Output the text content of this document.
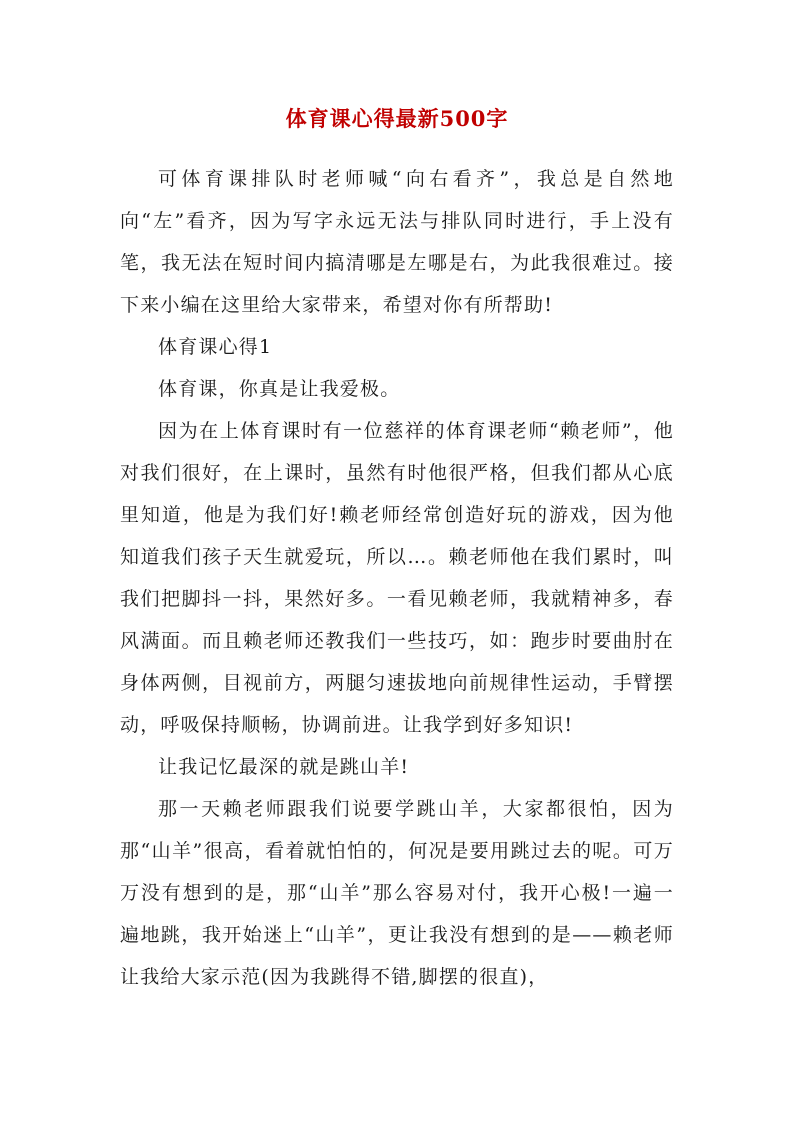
体育课心得最新500字

可体育课排队时老师喊“向右看齐”，我总是自然地向“左”看齐，因为写字永远无法与排队同时进行，手上没有笔，我无法在短时间内搞清哪是左哪是右，为此我很难过。接下来小编在这里给大家带来，希望对你有所帮助!

体育课心得1

体育课，你真是让我爱极。

因为在上体育课时有一位慈祥的体育课老师“赖老师”，他对我们很好，在上课时，虽然有时他很严格，但我们都从心底里知道，他是为我们好!赖老师经常创造好玩的游戏，因为他知道我们孩子天生就爱玩，所以…。赖老师他在我们累时，叫我们把脚抖一抖，果然好多。一看见赖老师，我就精神多，春风满面。而且赖老师还教我们一些技巧，如：跑步时要曲肘在身体两侧，目视前方，两腿匀速拔地向前规律性运动，手臂摆动，呼吸保持顺畅，协调前进。让我学到好多知识!

让我记忆最深的就是跳山羊!

那一天赖老师跟我们说要学跳山羊，大家都很怕，因为那“山羊”很高，看着就怕怕的，何况是要用跳过去的呢。可万万没有想到的是，那“山羊”那么容易对付，我开心极!一遍一遍地跳，我开始迷上“山羊”，更让我没有想到的是——赖老师让我给大家示范(因为我跳得不错,脚摆的很直)，
